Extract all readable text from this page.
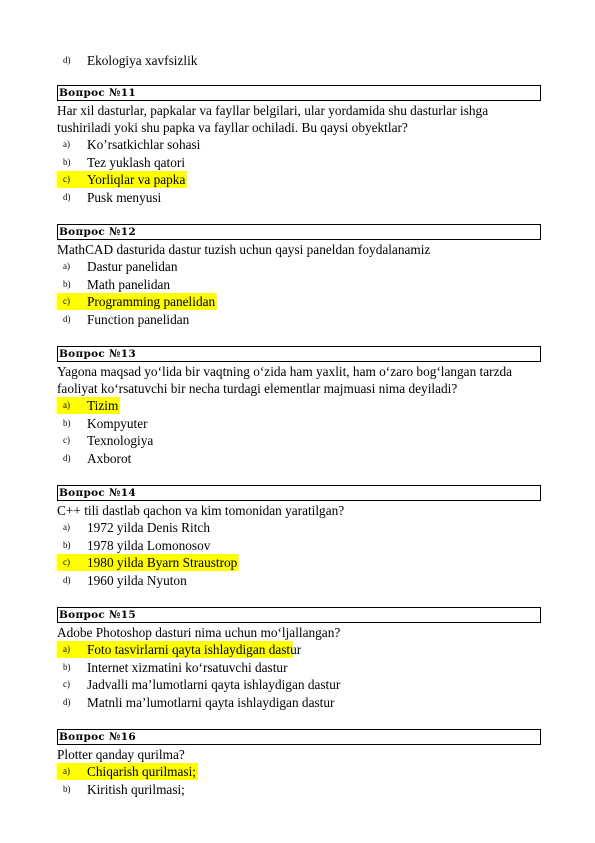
d)	Ekologiya xavfsizlik
Вопрос №11
Har xil dasturlar, papkalar va fayllar belgilari, ular yordamida shu dasturlar ishga tushiriladi yoki shu papka va fayllar ochiladi. Bu qaysi obyektlar?
a)	Ko’rsatkichlar sohasi
b)	Tez yuklash qatori
c)	Yorliqlar va papka
d)	Pusk menyusi
Вопрос №12
MathCAD dasturida dastur tuzish uchun qaysi paneldan foydalanamiz
a)	Dastur panelidan
b)	Math panelidan
c)	Programming panelidan
d)	Function panelidan
Вопрос №13
Yagona maqsad yo‘lida bir vaqtning o‘zida ham yaxlit, ham o‘zaro bog‘langan tarzda faoliyat ko‘rsatuvchi bir necha turdagi elementlar majmuasi nima deyiladi?
a)	Tizim
b)	Kompyuter
c)	Texnologiya
d)	Axborot
Вопрос №14
C++ tili dastlab qachon va kim tomonidan yaratilgan?
a)	1972 yilda Denis Ritch
b)	1978 yilda Lomonosov
c)	1980 yilda Byarn Straustrop
d)	1960 yilda Nyuton
Вопрос №15
Adobe Photoshop dasturi nima uchun mo‘ljallangan?
a)	Foto tasvirlarni qayta ishlaydigan dastur
b)	Internet xizmatini ko‘rsatuvchi dastur
c)	Jadvalli ma’lumotlarni qayta ishlaydigan dastur
d)	Matnli ma’lumotlarni qayta ishlaydigan dastur
Вопрос №16
Plotter qanday qurilma?
a)	Chiqarish qurilmasi;
b)	Kiritish qurilmasi;
